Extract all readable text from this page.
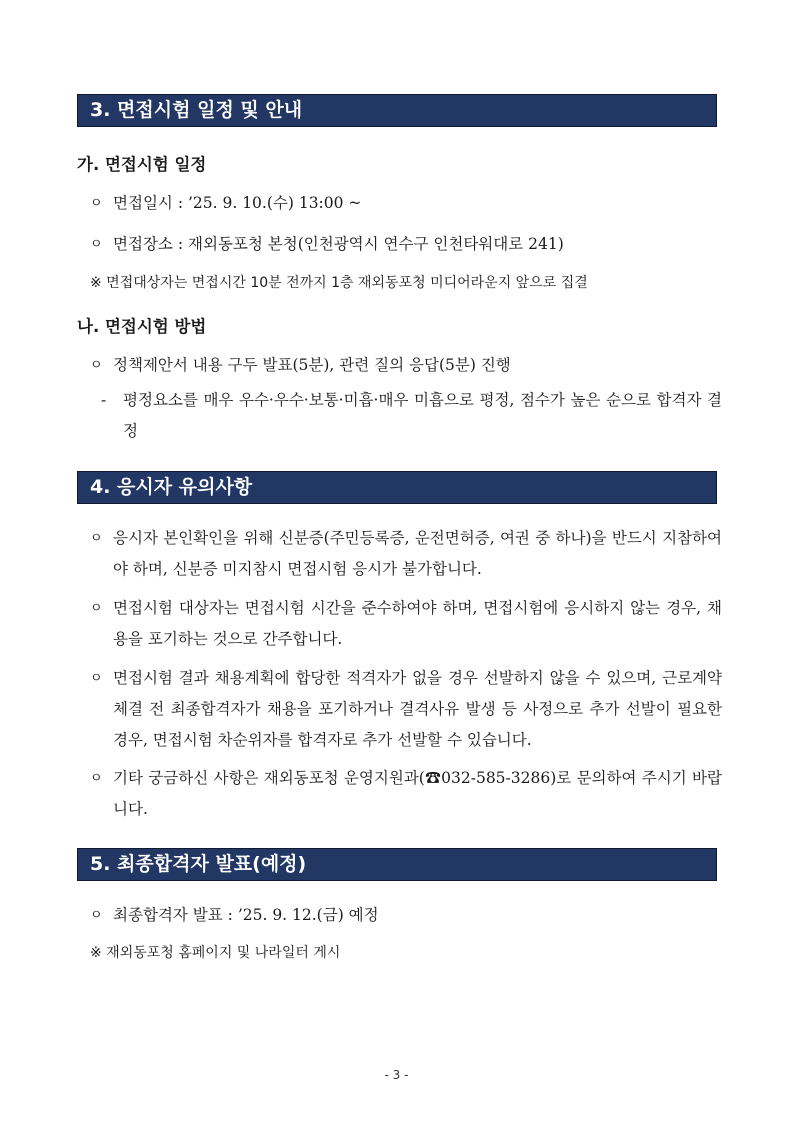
3. 면접시험 일정 및 안내
가. 면접시험 일정
ㅇ 면접일시 : ’25. 9. 10.(수) 13:00 ~
ㅇ 면접장소 : 재외동포청 본청(인천광역시 연수구 인천타워대로 241)
※ 면접대상자는 면접시간 10분 전까지 1층 재외동포청 미디어라운지 앞으로 집결
나. 면접시험 방법
ㅇ 정책제안서 내용 구두 발표(5분), 관련 질의 응답(5분) 진행
- 평정요소를 매우 우수·우수·보통·미흡·매우 미흡으로 평정, 점수가 높은 순으로 합격자 결정
4. 응시자 유의사항
ㅇ 응시자 본인확인을 위해 신분증(주민등록증, 운전면허증, 여권 중 하나)을 반드시 지참하여야 하며, 신분증 미지참시 면접시험 응시가 불가합니다.
ㅇ 면접시험 대상자는 면접시험 시간을 준수하여야 하며, 면접시험에 응시하지 않는 경우, 채용을 포기하는 것으로 간주합니다.
ㅇ 면접시험 결과 채용계획에 합당한 적격자가 없을 경우 선발하지 않을 수 있으며, 근로계약 체결 전 최종합격자가 채용을 포기하거나 결격사유 발생 등 사정으로 추가 선발이 필요한 경우, 면접시험 차순위자를 합격자로 추가 선발할 수 있습니다.
ㅇ 기타 궁금하신 사항은 재외동포청 운영지원과(☎032-585-3286)로 문의하여 주시기 바랍니다.
5. 최종합격자 발표(예정)
ㅇ 최종합격자 발표 : ’25. 9. 12.(금) 예정
※ 재외동포청 홈페이지 및 나라일터 게시
- 3 -
